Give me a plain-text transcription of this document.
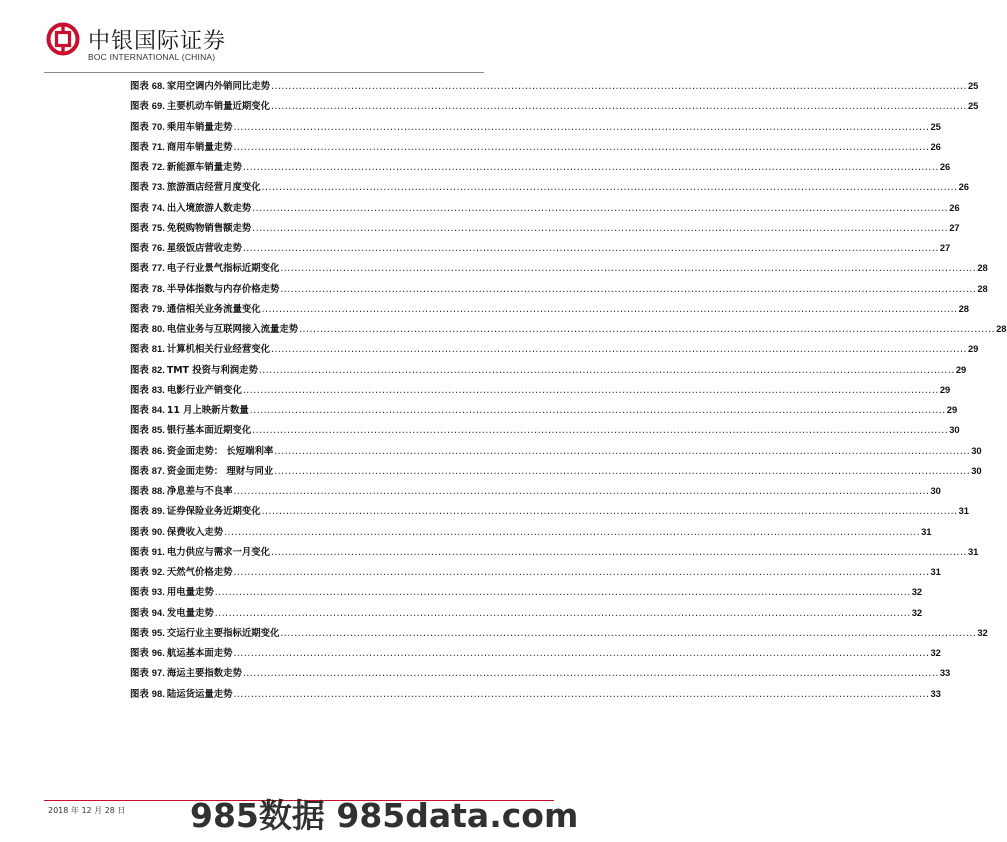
中银国际证券
BOC INTERNATIONAL (CHINA)
图表 68. 家用空调内外销同比走势 ........................................................................................................................................................................................................ 25
图表 69. 主要机动车销量近期变化 ........................................................................................................................................................................................................ 25
图表 70. 乘用车销量走势 ........................................................................................................................................................................................................ 25
图表 71. 商用车销量走势 ........................................................................................................................................................................................................ 26
图表 72. 新能源车销量走势 ........................................................................................................................................................................................................ 26
图表 73. 旅游酒店经营月度变化 ........................................................................................................................................................................................................ 26
图表 74. 出入境旅游人数走势 ........................................................................................................................................................................................................ 26
图表 75. 免税购物销售额走势 ........................................................................................................................................................................................................ 27
图表 76. 星级饭店营收走势 ........................................................................................................................................................................................................ 27
图表 77. 电子行业景气指标近期变化 ........................................................................................................................................................................................................ 28
图表 78. 半导体指数与内存价格走势 ........................................................................................................................................................................................................ 28
图表 79. 通信相关业务流量变化 ........................................................................................................................................................................................................ 28
图表 80. 电信业务与互联网接入流量走势 ........................................................................................................................................................................................................ 28
图表 81. 计算机相关行业经营变化 ........................................................................................................................................................................................................ 29
图表 82. TMT 投资与利润走势 ........................................................................................................................................................................................................ 29
图表 83. 电影行业产销变化 ........................................................................................................................................................................................................ 29
图表 84. 11 月上映新片数量 ........................................................................................................................................................................................................ 29
图表 85. 银行基本面近期变化 ........................................................................................................................................................................................................ 30
图表 86. 资金面走势： 长短端利率 ........................................................................................................................................................................................................ 30
图表 87. 资金面走势： 理财与同业 ........................................................................................................................................................................................................ 30
图表 88. 净息差与不良率 ........................................................................................................................................................................................................ 30
图表 89. 证券保险业务近期变化 ........................................................................................................................................................................................................ 31
图表 90. 保费收入走势 ........................................................................................................................................................................................................ 31
图表 91. 电力供应与需求一月变化 ........................................................................................................................................................................................................ 31
图表 92. 天然气价格走势 ........................................................................................................................................................................................................ 31
图表 93. 用电量走势 ........................................................................................................................................................................................................ 32
图表 94. 发电量走势 ........................................................................................................................................................................................................ 32
图表 95. 交运行业主要指标近期变化 ........................................................................................................................................................................................................ 32
图表 96. 航运基本面走势 ........................................................................................................................................................................................................ 32
图表 97. 海运主要指数走势 ........................................................................................................................................................................................................ 33
图表 98. 陆运货运量走势 ........................................................................................................................................................................................................ 33
2018 年 12 月 28 日 985数据 985data.com
